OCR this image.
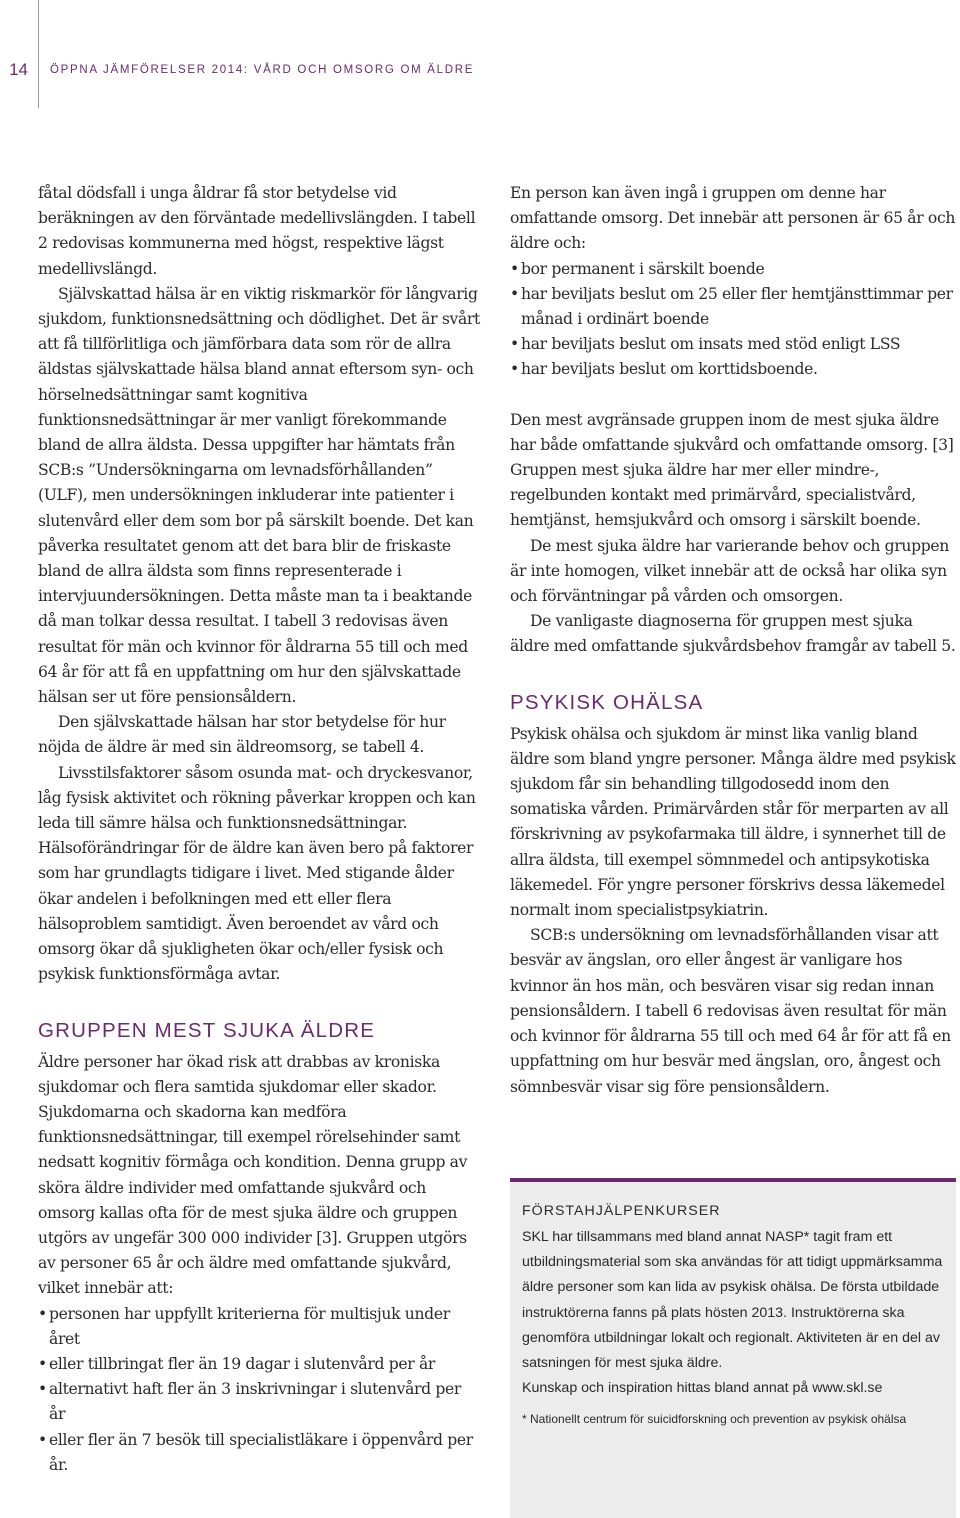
14 ÖPPNA JÄMFÖRELSER 2014: VÅRD OCH OMSORG OM ÄLDRE

fåtal dödsfall i unga åldrar få stor betydelse vid beräkningen av den förväntade medellivslängden. I tabell 2 redovisas kommunerna med högst, respektive lägst medellivslängd.

Självskattad hälsa är en viktig riskmarkör för långvarig sjukdom, funktionsnedsättning och dödlighet. Det är svårt att få tillförlitliga och jämförbara data som rör de allra äldstas självskattade hälsa bland annat eftersom syn- och hörselnedsättningar samt kognitiva funktionsnedsättningar är mer vanligt förekommande bland de allra äldsta. Dessa uppgifter har hämtats från SCB:s ”Undersökningarna om levnadsförhållanden” (ULF), men undersökningen inkluderar inte patienter i slutenvård eller dem som bor på särskilt boende. Det kan påverka resultatet genom att det bara blir de friskaste bland de allra äldsta som finns representerade i intervjuundersökningen. Detta måste man ta i beaktande då man tolkar dessa resultat. I tabell 3 redovisas även resultat för män och kvinnor för åldrarna 55 till och med 64 år för att få en uppfattning om hur den självskattade hälsan ser ut före pensionsåldern.

Den självskattade hälsan har stor betydelse för hur nöjda de äldre är med sin äldreomsorg, se tabell 4.

Livsstilsfaktorer såsom osunda mat- och dryckesvanor, låg fysisk aktivitet och rökning påverkar kroppen och kan leda till sämre hälsa och funktionsnedsättningar. Hälsoförändringar för de äldre kan även bero på faktorer som har grundlagts tidigare i livet. Med stigande ålder ökar andelen i befolkningen med ett eller flera hälsoproblem samtidigt. Även beroendet av vård och omsorg ökar då sjukligheten ökar och/eller fysisk och psykisk funktionsförmåga avtar.

GRUPPEN MEST SJUKA ÄLDRE

Äldre personer har ökad risk att drabbas av kroniska sjukdomar och flera samtida sjukdomar eller skador. Sjukdomarna och skadorna kan medföra funktionsnedsättningar, till exempel rörelsehinder samt nedsatt kognitiv förmåga och kondition. Denna grupp av sköra äldre individer med omfattande sjukvård och omsorg kallas ofta för de mest sjuka äldre och gruppen utgörs av ungefär 300 000 individer [3]. Gruppen utgörs av personer 65 år och äldre med omfattande sjukvård, vilket innebär att:

• personen har uppfyllt kriterierna för multisjuk under året
• eller tillbringat fler än 19 dagar i slutenvård per år
• alternativt haft fler än 3 inskrivningar i slutenvård per år
• eller fler än 7 besök till specialistläkare i öppenvård per år.

En person kan även ingå i gruppen om denne har omfattande omsorg. Det innebär att personen är 65 år och äldre och:

• bor permanent i särskilt boende
• har beviljats beslut om 25 eller fler hemtjänsttimmar per månad i ordinärt boende
• har beviljats beslut om insats med stöd enligt LSS
• har beviljats beslut om korttidsboende.

Den mest avgränsade gruppen inom de mest sjuka äldre har både omfattande sjukvård och omfattande omsorg. [3] Gruppen mest sjuka äldre har mer eller mindre-, regelbunden kontakt med primärvård, specialistvård, hemtjänst, hemsjukvård och omsorg i särskilt boende.

De mest sjuka äldre har varierande behov och gruppen är inte homogen, vilket innebär att de också har olika syn och förväntningar på vården och omsorgen.

De vanligaste diagnoserna för gruppen mest sjuka äldre med omfattande sjukvårdsbehov framgår av tabell 5.

PSYKISK OHÄLSA

Psykisk ohälsa och sjukdom är minst lika vanlig bland äldre som bland yngre personer. Många äldre med psykisk sjukdom får sin behandling tillgodosedd inom den somatiska vården. Primärvården står för merparten av all förskrivning av psykofarmaka till äldre, i synnerhet till de allra äldsta, till exempel sömnmedel och antipsykotiska läkemedel. För yngre personer förskrivs dessa läkemedel normalt inom specialistpsykiatrin.

SCB:s undersökning om levnadsförhållanden visar att besvär av ängslan, oro eller ångest är vanligare hos kvinnor än hos män, och besvären visar sig redan innan pensionsåldern. I tabell 6 redovisas även resultat för män och kvinnor för åldrarna 55 till och med 64 år för att få en uppfattning om hur besvär med ängslan, oro, ångest och sömnbesvär visar sig före pensionsåldern.

FÖRSTAHJÄLPENKURSER

SKL har tillsammans med bland annat NASP* tagit fram ett utbildningsmaterial som ska användas för att tidigt uppmärksamma äldre personer som kan lida av psykisk ohälsa. De första utbildade instruktörerna fanns på plats hösten 2013. Instruktörerna ska genomföra utbildningar lokalt och regionalt. Aktiviteten är en del av satsningen för mest sjuka äldre.

Kunskap och inspiration hittas bland annat på www.skl.se

* Nationellt centrum för suicidforskning och prevention av psykisk ohälsa
